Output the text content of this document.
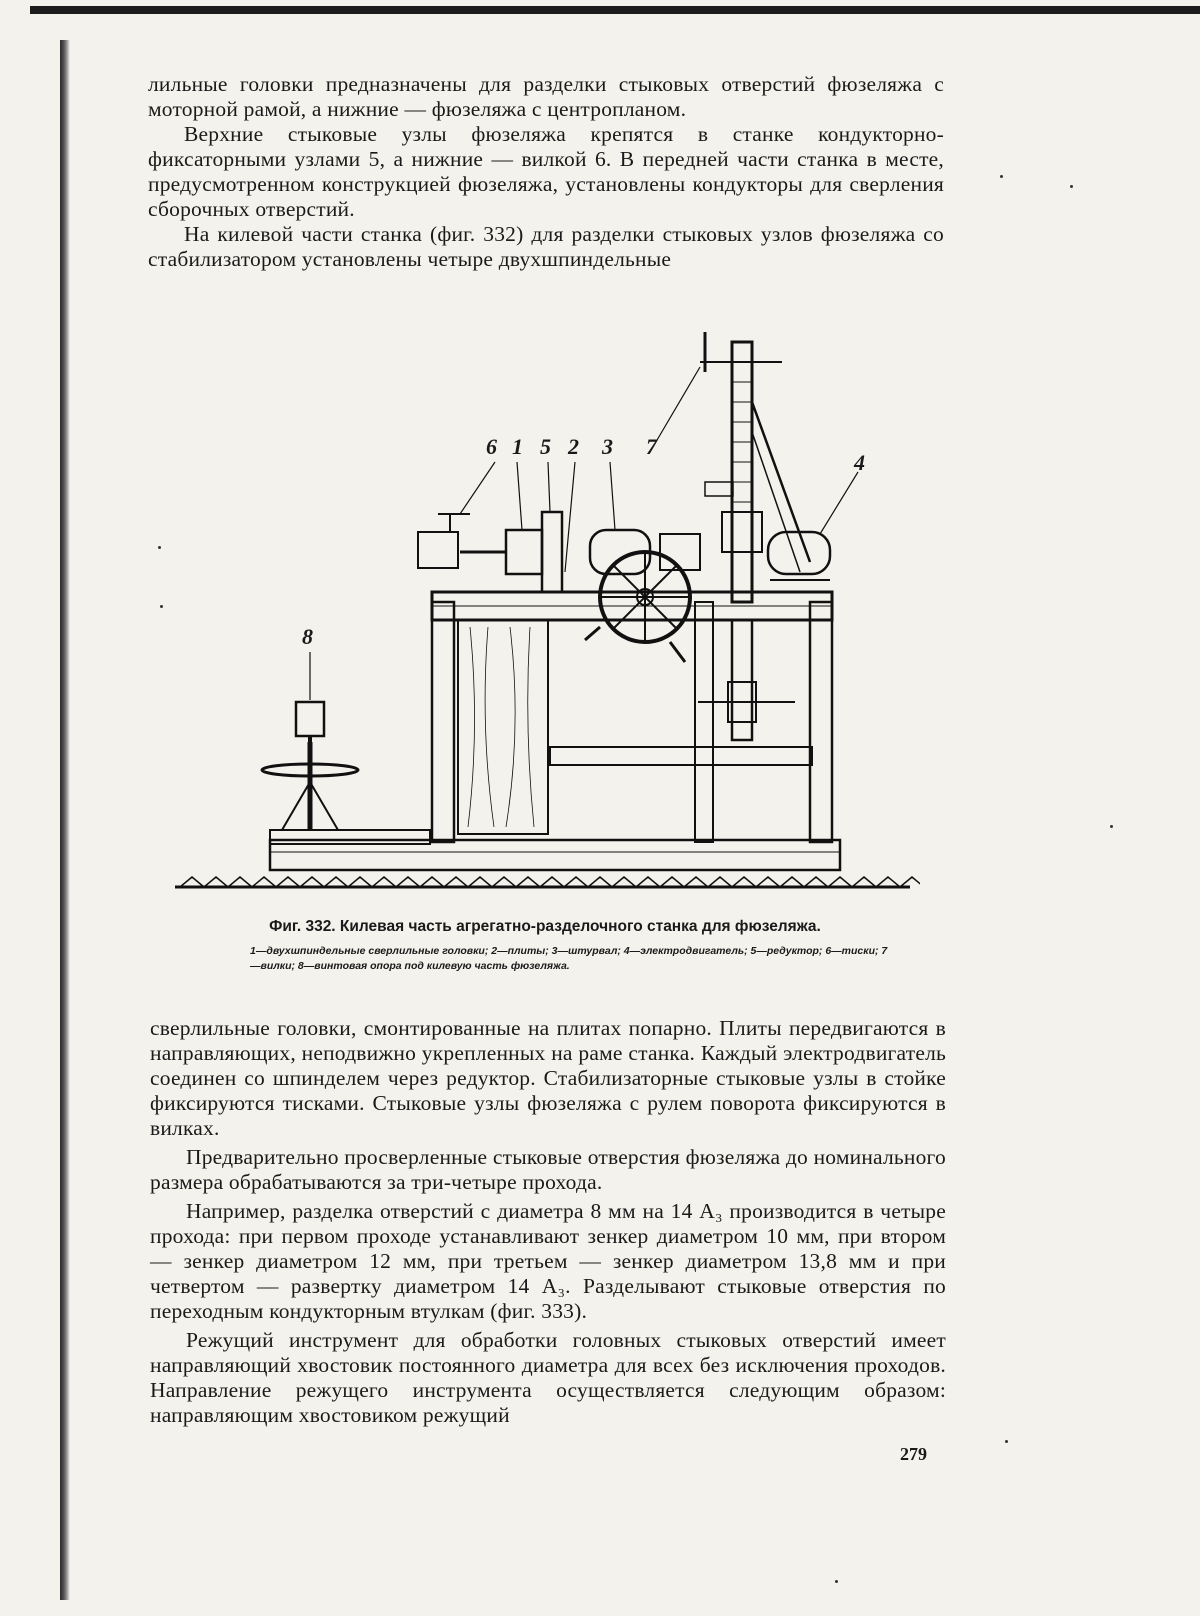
лильные головки предназначены для разделки стыковых отверстий фюзеляжа с моторной рамой, а нижние — фюзеляжа с центропланом.

Верхние стыковые узлы фюзеляжа крепятся в станке кондукторно-фиксаторными узлами 5, а нижние — вилкой 6. В передней части станка в месте, предусмотренном конструкцией фюзеляжа, установлены кондукторы для сверления сборочных отверстий.

На килевой части станка (фиг. 332) для разделки стыковых узлов фюзеляжа со стабилизатором установлены четыре двухшпиндельные

6 1 5 2 3 7
4
8

Фиг. 332. Килевая часть агрегатно-разделочного станка для фюзеляжа.

1—двухшпиндельные сверлильные головки; 2—плиты; 3—штурвал; 4—электродвигатель; 5—редуктор; 6—тиски; 7—вилки; 8—винтовая опора под килевую часть фюзеляжа.

сверлильные головки, смонтированные на плитах попарно. Плиты передвигаются в направляющих, неподвижно укрепленных на раме станка. Каждый электродвигатель соединен со шпинделем через редуктор. Стабилизаторные стыковые узлы в стойке фиксируются тисками. Стыковые узлы фюзеляжа с рулем поворота фиксируются в вилках.

Предварительно просверленные стыковые отверстия фюзеляжа до номинального размера обрабатываются за три-четыре прохода.

Например, разделка отверстий с диаметра 8 мм на 14 А₃ производится в четыре прохода: при первом проходе устанавливают зенкер диаметром 10 мм, при втором — зенкер диаметром 12 мм, при третьем — зенкер диаметром 13,8 мм и при четвертом — развертку диаметром 14 А₃. Разделывают стыковые отверстия по переходным кондукторным втулкам (фиг. 333).

Режущий инструмент для обработки головных стыковых отверстий имеет направляющий хвостовик постоянного диаметра для всех без исключения проходов. Направление режущего инструмента осуществляется следующим образом: направляющим хвостовиком режущий

279
